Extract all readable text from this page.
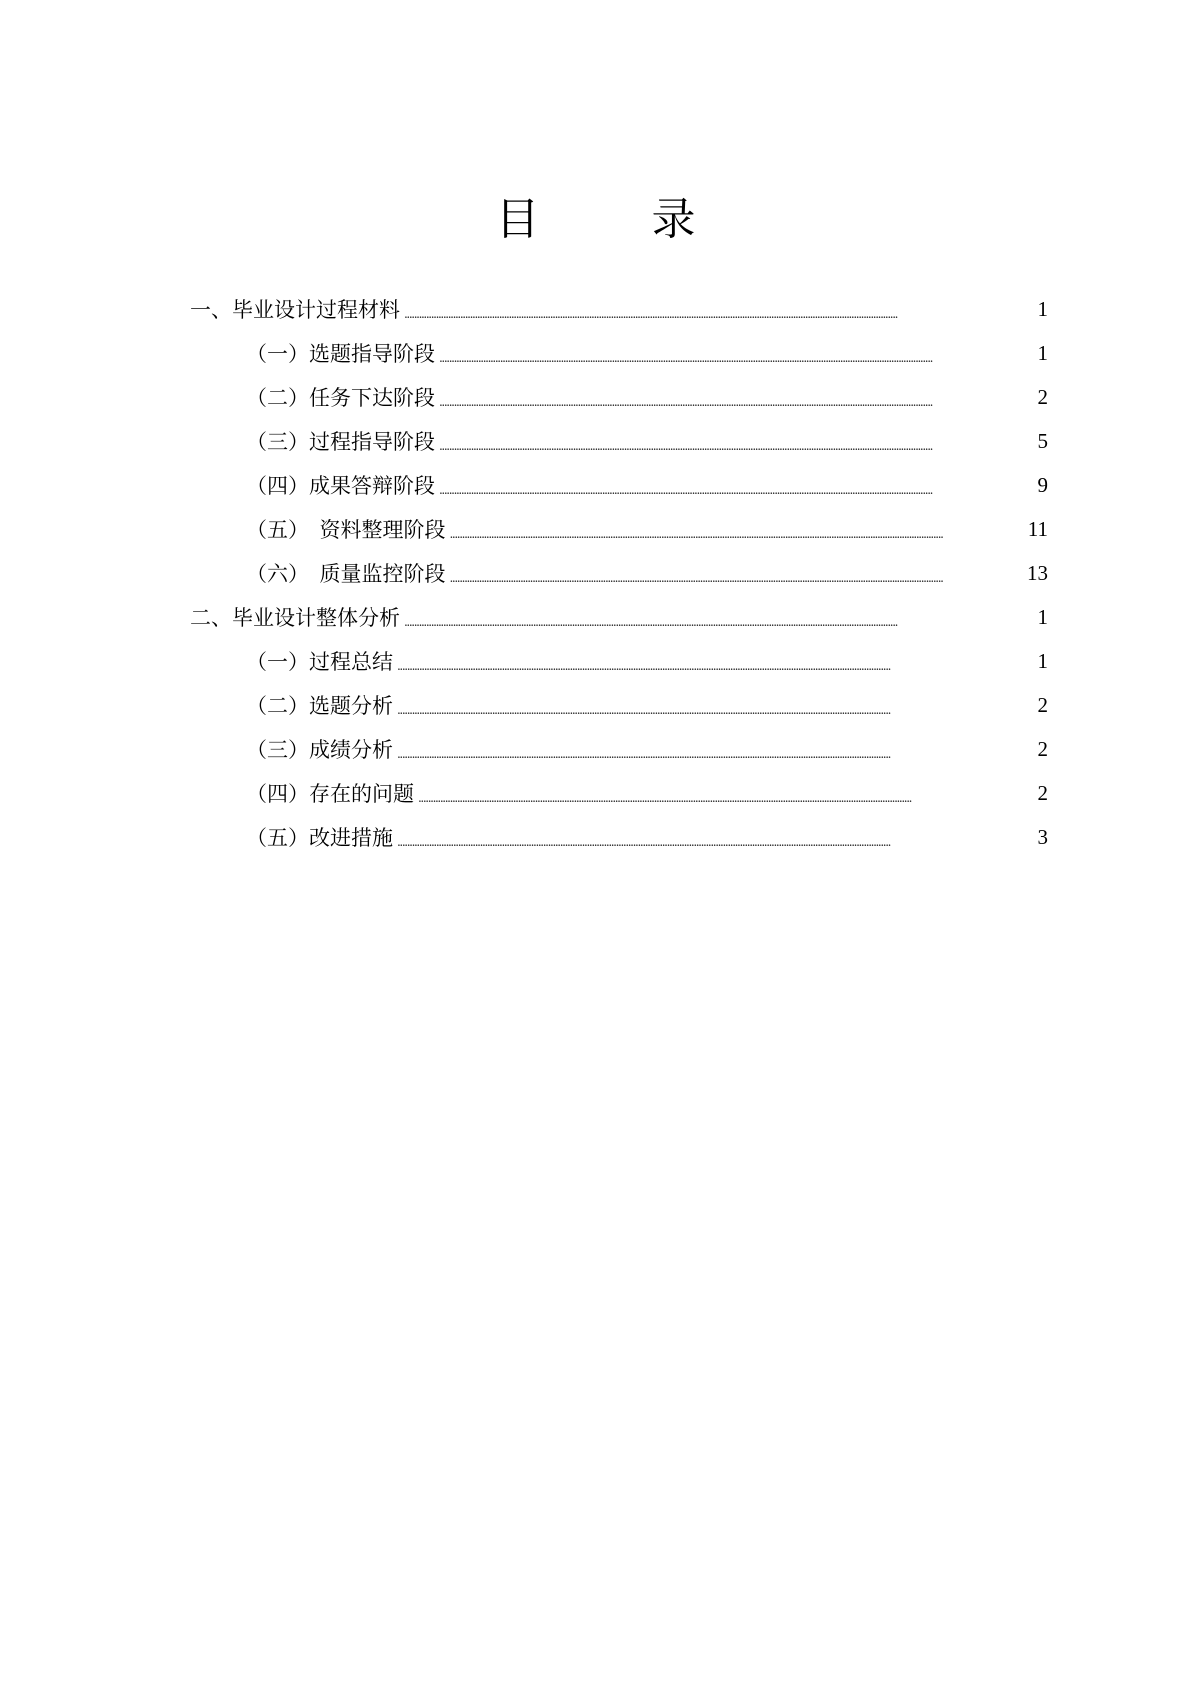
目　录
一、毕业设计过程材料 . . .	1
（一）选题指导阶段 . . .	1
（二）任务下达阶段 . . .	2
（三）过程指导阶段 . . .	5
（四）成果答辩阶段 . . .	9
（五）　资料整理阶段 . . .	11
（六）　质量监控阶段 . . .	13
二、毕业设计整体分析 . . .	1
（一）过程总结 . . .	1
（二）选题分析 . . .	2
（三）成绩分析 . . .	2
（四）存在的问题 . . .	2
（五）改进措施 . . .	3
